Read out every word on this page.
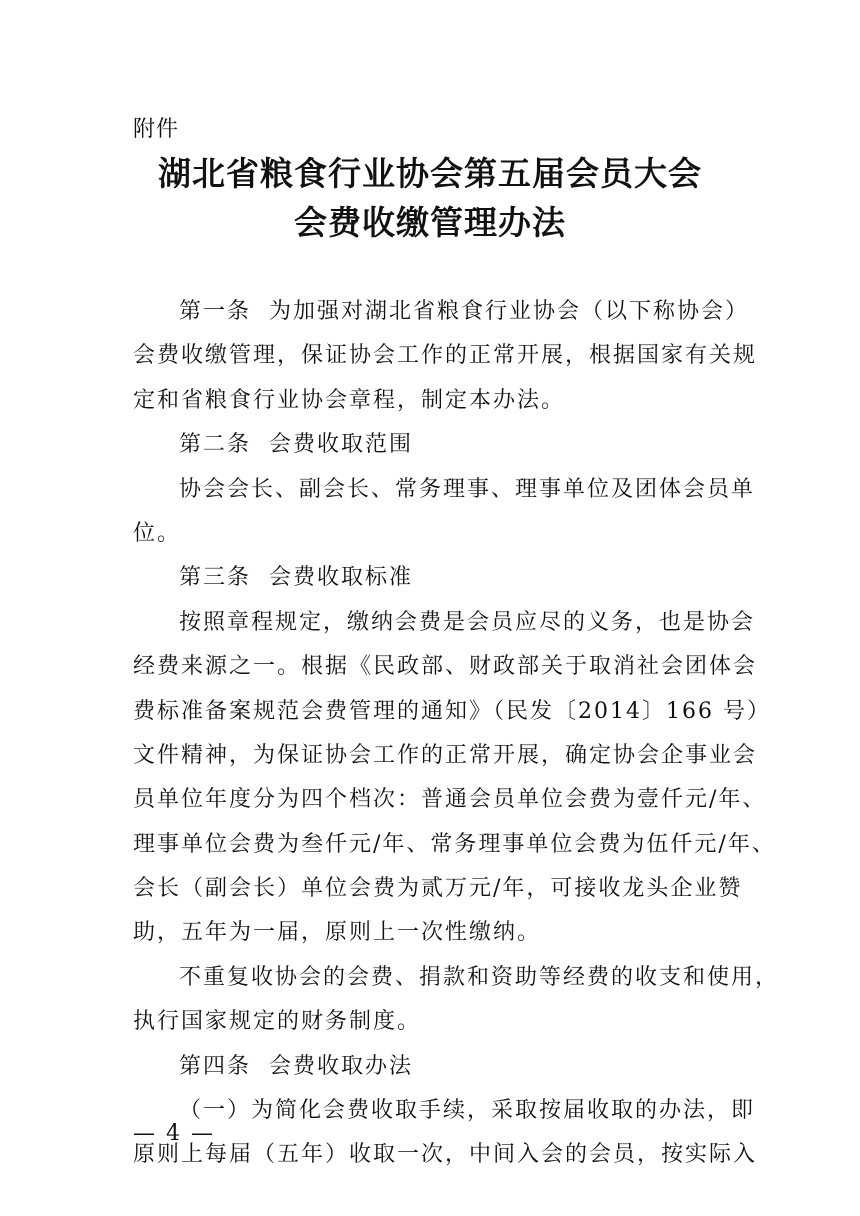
附件
湖北省粮食行业协会第五届会员大会
会费收缴管理办法
第一条  为加强对湖北省粮食行业协会（以下称协会）
会费收缴管理，保证协会工作的正常开展，根据国家有关规
定和省粮食行业协会章程，制定本办法。
第二条  会费收取范围
协会会长、副会长、常务理事、理事单位及团体会员单
位。
第三条  会费收取标准
按照章程规定，缴纳会费是会员应尽的义务，也是协会
经费来源之一。根据《民政部、财政部关于取消社会团体会
费标准备案规范会费管理的通知》（民发〔2014〕166 号）
文件精神，为保证协会工作的正常开展，确定协会企事业会
员单位年度分为四个档次：普通会员单位会费为壹仟元/年、
理事单位会费为叁仟元/年、常务理事单位会费为伍仟元/年、
会长（副会长）单位会费为贰万元/年，可接收龙头企业赞
助，五年为一届，原则上一次性缴纳。
不重复收协会的会费、捐款和资助等经费的收支和使用，
执行国家规定的财务制度。
第四条  会费收取办法
（一）为简化会费收取手续，采取按届收取的办法，即
原则上每届（五年）收取一次，中间入会的会员，按实际入
— 4 —
